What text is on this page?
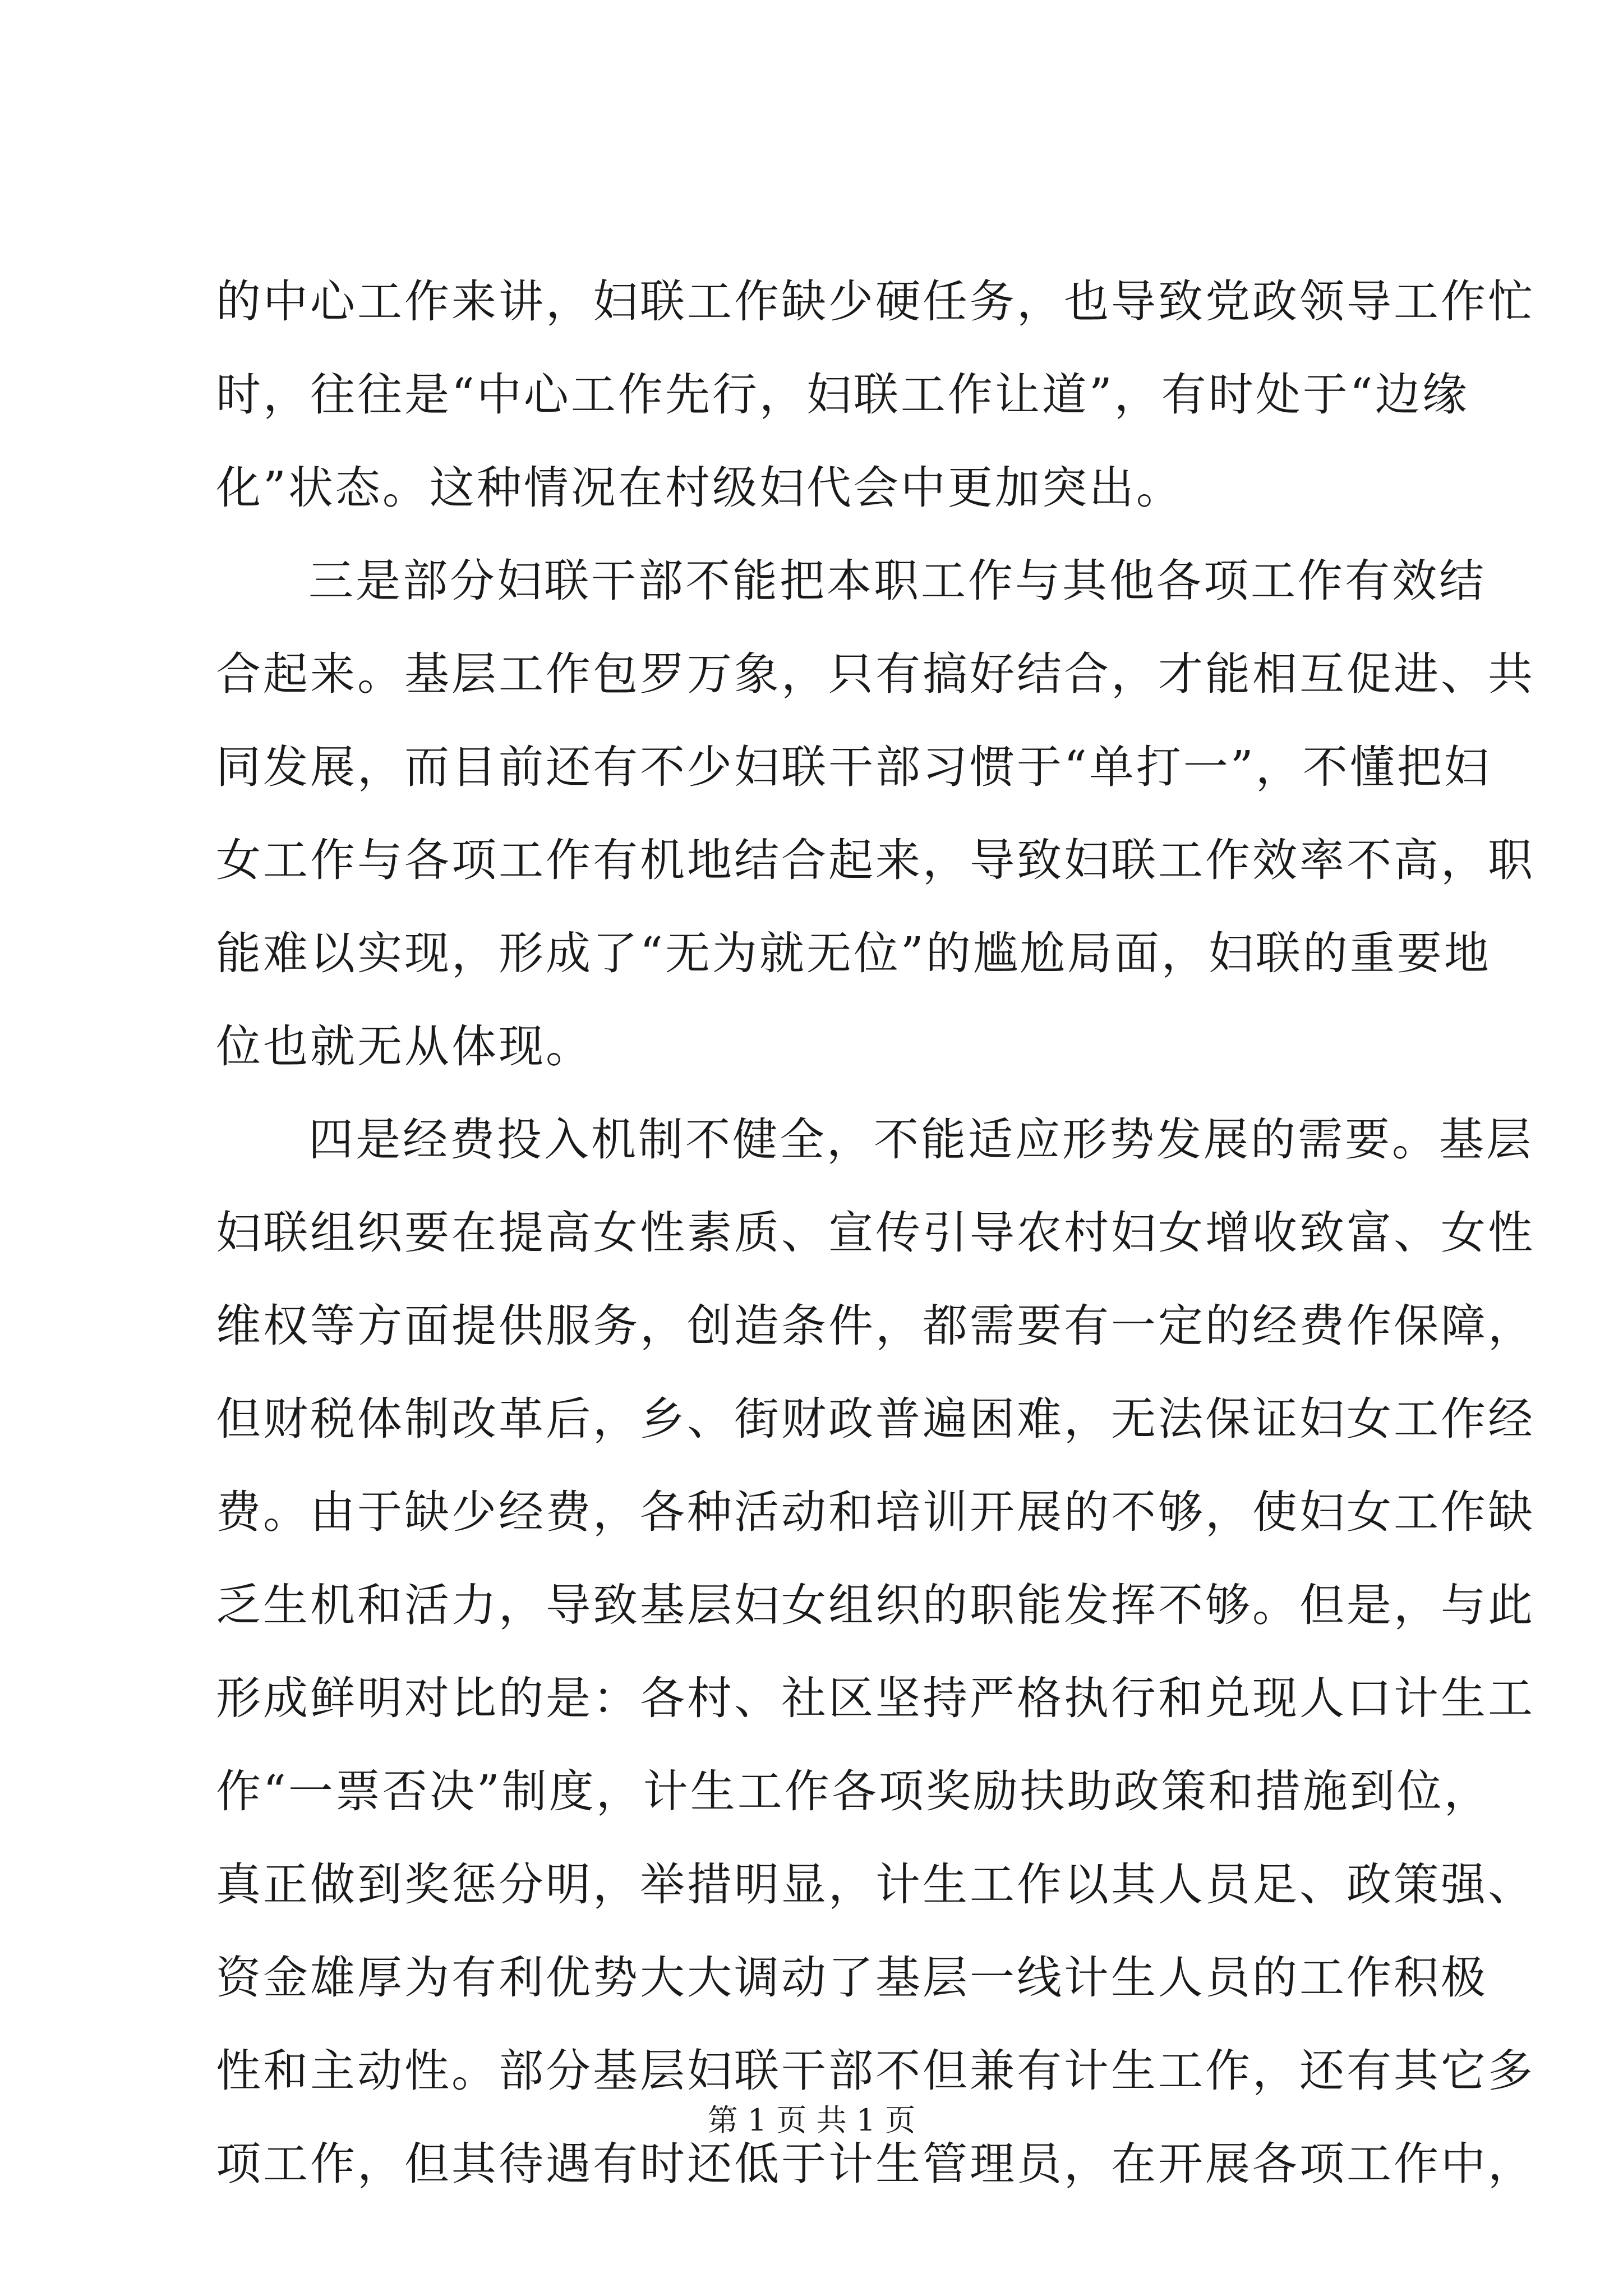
的中心工作来讲，妇联工作缺少硬任务，也导致党政领导工作忙
时，往往是“中心工作先行，妇联工作让道”，有时处于“边缘
化”状态。这种情况在村级妇代会中更加突出。
三是部分妇联干部不能把本职工作与其他各项工作有效结
合起来。基层工作包罗万象，只有搞好结合，才能相互促进、共
同发展，而目前还有不少妇联干部习惯于“单打一”，不懂把妇
女工作与各项工作有机地结合起来，导致妇联工作效率不高，职
能难以实现，形成了“无为就无位”的尴尬局面，妇联的重要地
位也就无从体现。
四是经费投入机制不健全，不能适应形势发展的需要。基层
妇联组织要在提高女性素质、宣传引导农村妇女增收致富、女性
维权等方面提供服务，创造条件，都需要有一定的经费作保障，
但财税体制改革后，乡、街财政普遍困难，无法保证妇女工作经
费。由于缺少经费，各种活动和培训开展的不够，使妇女工作缺
乏生机和活力，导致基层妇女组织的职能发挥不够。但是，与此
形成鲜明对比的是：各村、社区坚持严格执行和兑现人口计生工
作“一票否决”制度，计生工作各项奖励扶助政策和措施到位，
真正做到奖惩分明，举措明显，计生工作以其人员足、政策强、
资金雄厚为有利优势大大调动了基层一线计生人员的工作积极
性和主动性。部分基层妇联干部不但兼有计生工作，还有其它多
项工作，但其待遇有时还低于计生管理员，在开展各项工作中，
第 1 页 共 1 页
